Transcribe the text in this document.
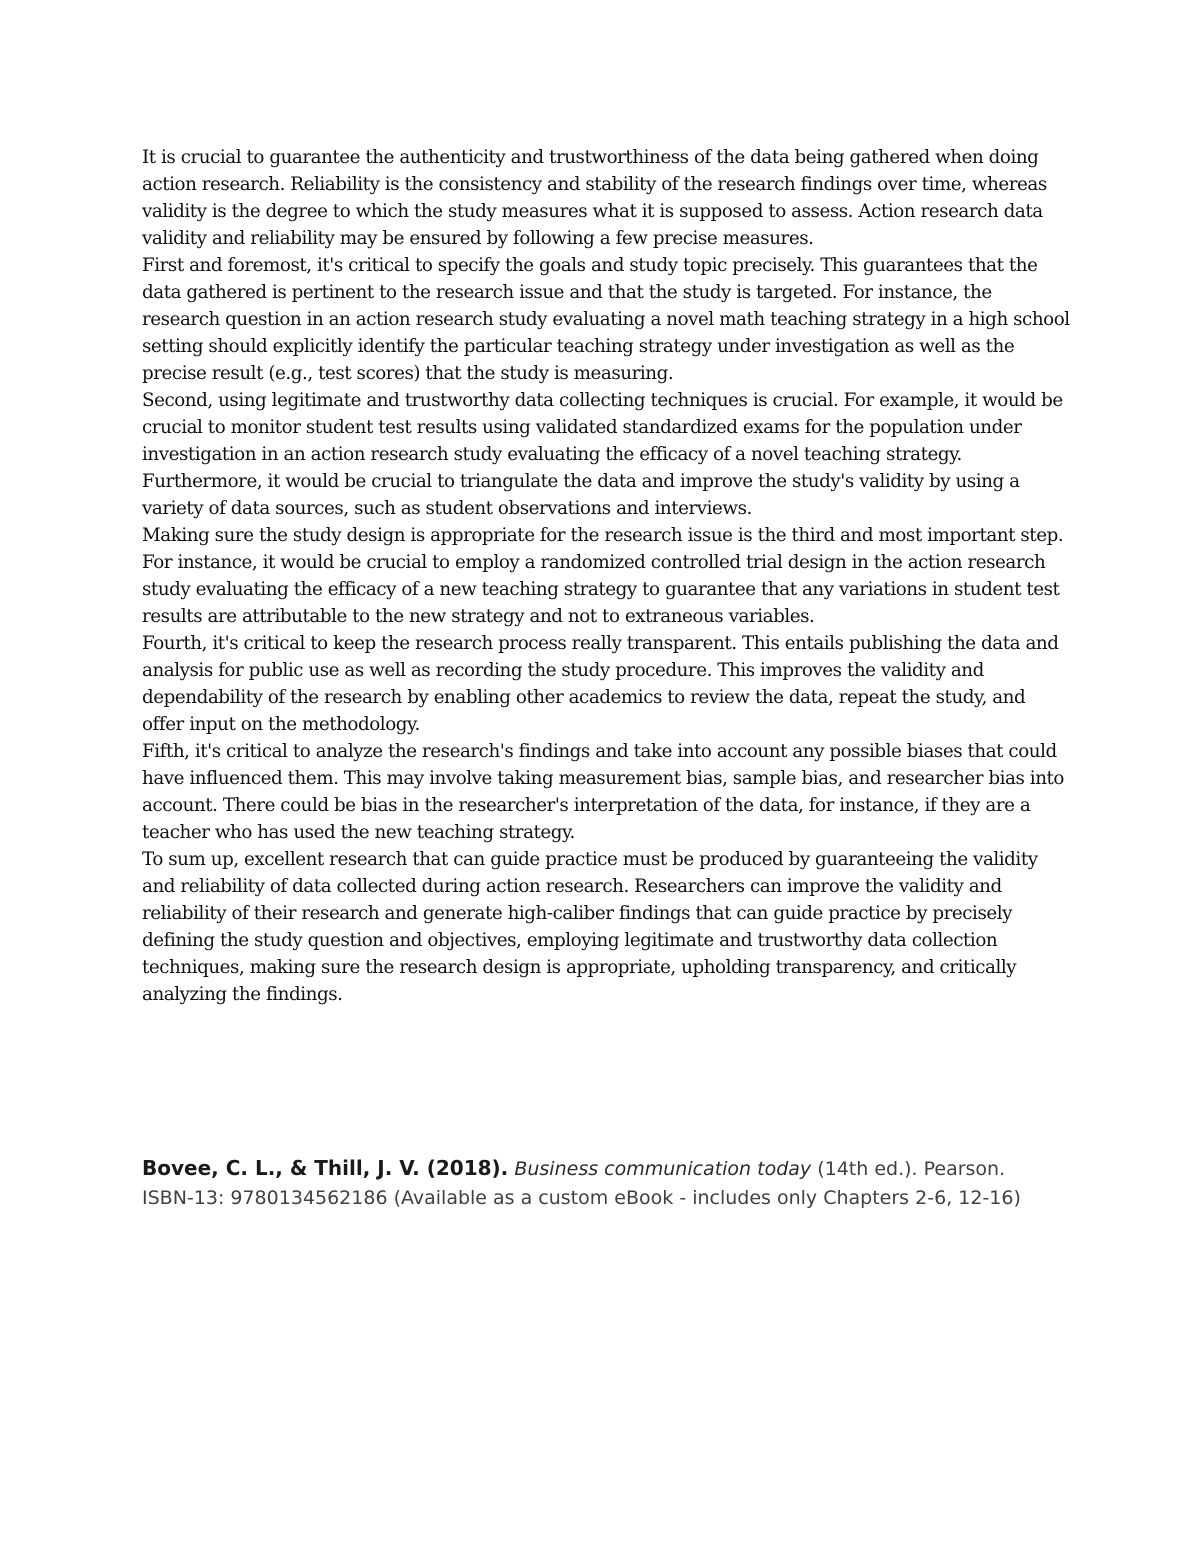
It is crucial to guarantee the authenticity and trustworthiness of the data being gathered when doing action research. Reliability is the consistency and stability of the research findings over time, whereas validity is the degree to which the study measures what it is supposed to assess. Action research data validity and reliability may be ensured by following a few precise measures.

First and foremost, it's critical to specify the goals and study topic precisely. This guarantees that the data gathered is pertinent to the research issue and that the study is targeted. For instance, the research question in an action research study evaluating a novel math teaching strategy in a high school setting should explicitly identify the particular teaching strategy under investigation as well as the precise result (e.g., test scores) that the study is measuring.

Second, using legitimate and trustworthy data collecting techniques is crucial. For example, it would be crucial to monitor student test results using validated standardized exams for the population under investigation in an action research study evaluating the efficacy of a novel teaching strategy. Furthermore, it would be crucial to triangulate the data and improve the study's validity by using a variety of data sources, such as student observations and interviews.

Making sure the study design is appropriate for the research issue is the third and most important step. For instance, it would be crucial to employ a randomized controlled trial design in the action research study evaluating the efficacy of a new teaching strategy to guarantee that any variations in student test results are attributable to the new strategy and not to extraneous variables.

Fourth, it's critical to keep the research process really transparent. This entails publishing the data and analysis for public use as well as recording the study procedure. This improves the validity and dependability of the research by enabling other academics to review the data, repeat the study, and offer input on the methodology.

Fifth, it's critical to analyze the research's findings and take into account any possible biases that could have influenced them. This may involve taking measurement bias, sample bias, and researcher bias into account. There could be bias in the researcher's interpretation of the data, for instance, if they are a teacher who has used the new teaching strategy.

To sum up, excellent research that can guide practice must be produced by guaranteeing the validity and reliability of data collected during action research. Researchers can improve the validity and reliability of their research and generate high-caliber findings that can guide practice by precisely defining the study question and objectives, employing legitimate and trustworthy data collection techniques, making sure the research design is appropriate, upholding transparency, and critically analyzing the findings.

Bovee, C. L., & Thill, J. V. (2018). Business communication today (14th ed.). Pearson. ISBN-13: 9780134562186 (Available as a custom eBook - includes only Chapters 2-6, 12-16)
